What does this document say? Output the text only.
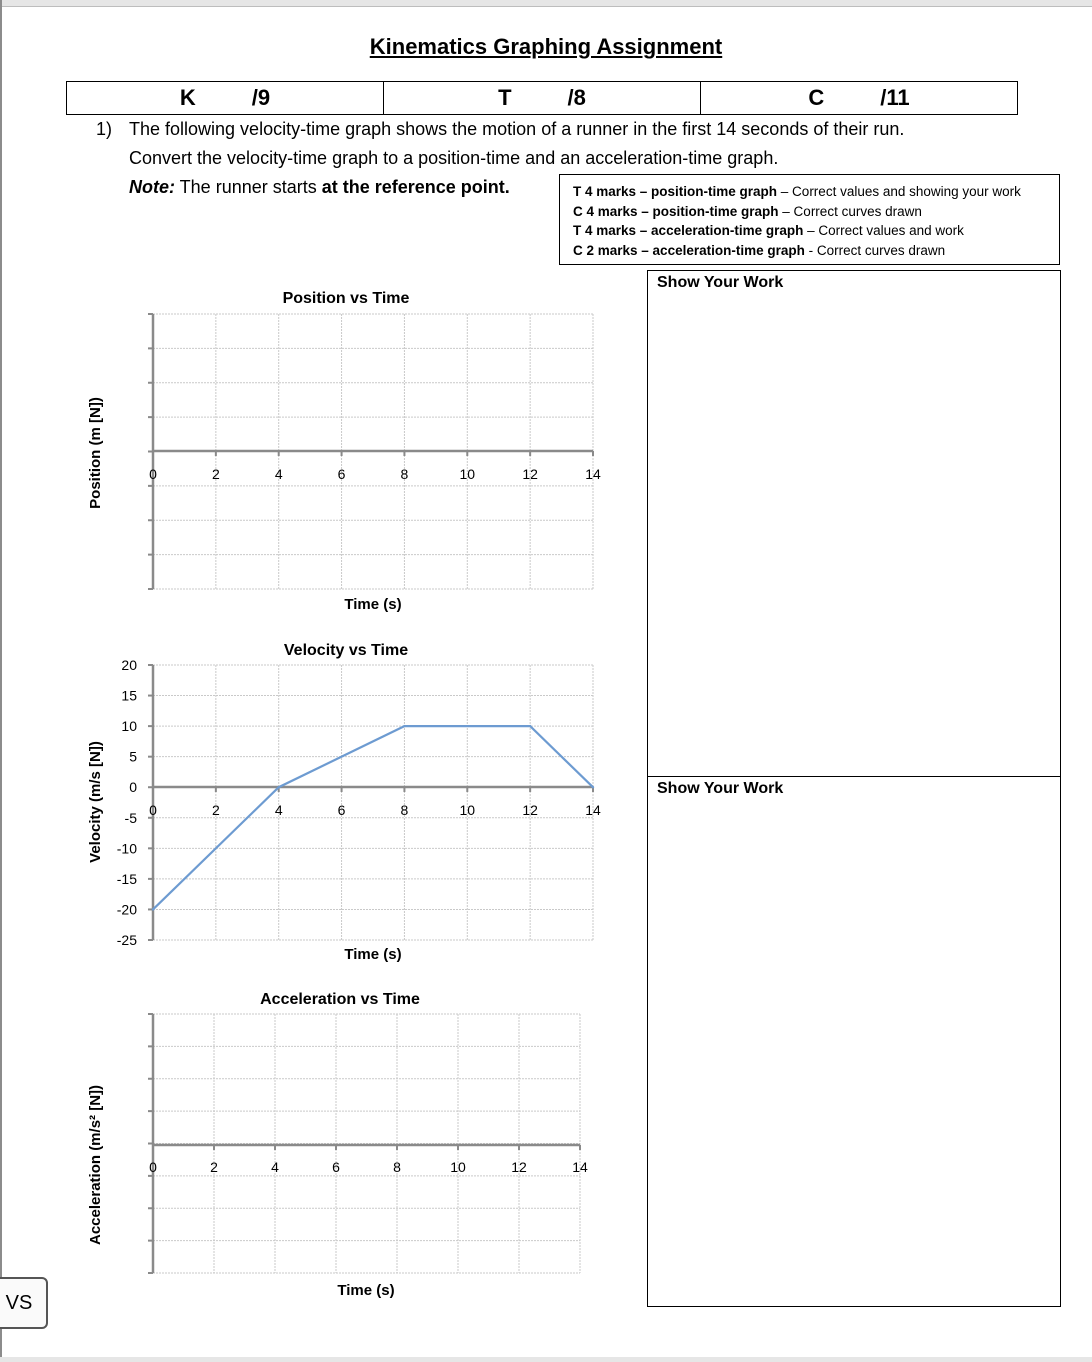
Kinematics Graphing Assignment
K	/9	T	/8	C	/11
1) The following velocity-time graph shows the motion of a runner in the first 14 seconds of their run.
Convert the velocity-time graph to a position-time and an acceleration-time graph.
Note: The runner starts at the reference point.	T 4 marks – position-time graph – Correct values and showing your work
C 4 marks – position-time graph – Correct curves drawn
T 4 marks – acceleration-time graph – Correct values and work
C 2 marks – acceleration-time graph - Correct curves drawn
Show Your Work
Show Your Work
0	2	4	6	8	10	12	14
Position vs Time
Time (s)
Position (m [N])
0	2	4	6	8	10	12	14
20
15
10
5
0
-5
-10
-15
-20
-25
Velocity vs Time
Time (s)
Velocity (m/s [N])
0	2	4	6	8	10	12	14
Acceleration vs Time
Time (s)
Acceleration (m/s² [N])
VS
